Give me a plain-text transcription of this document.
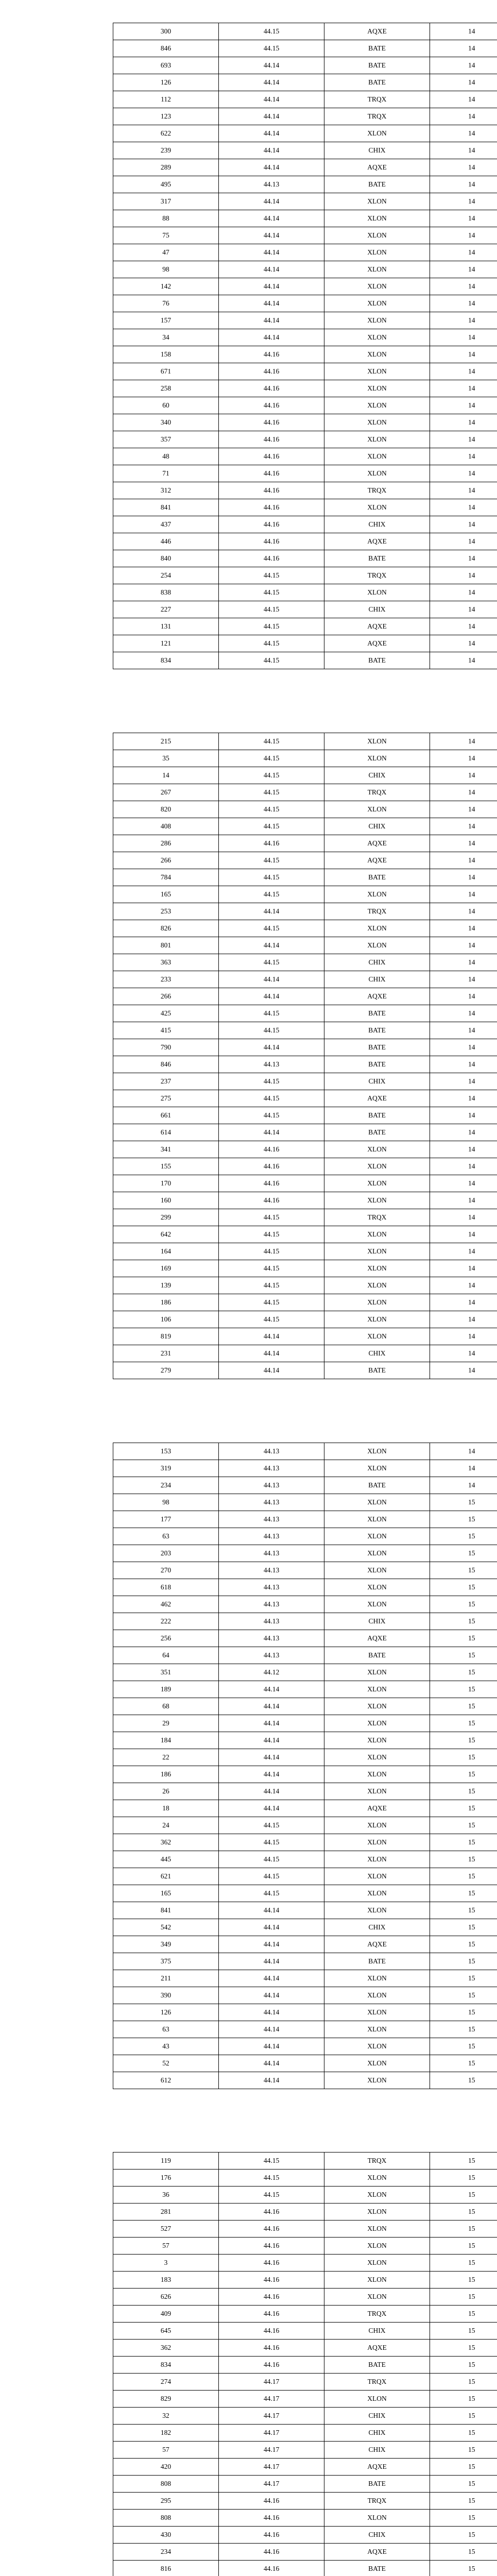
300	44.15	AQXE	14
846	44.15	BATE	14
693	44.14	BATE	14
126	44.14	BATE	14
112	44.14	TRQX	14
123	44.14	TRQX	14
622	44.14	XLON	14
239	44.14	CHIX	14
289	44.14	AQXE	14
495	44.13	BATE	14
317	44.14	XLON	14
88	44.14	XLON	14
75	44.14	XLON	14
47	44.14	XLON	14
98	44.14	XLON	14
142	44.14	XLON	14
76	44.14	XLON	14
157	44.14	XLON	14
34	44.14	XLON	14
158	44.16	XLON	14
671	44.16	XLON	14
258	44.16	XLON	14
60	44.16	XLON	14
340	44.16	XLON	14
357	44.16	XLON	14
48	44.16	XLON	14
71	44.16	XLON	14
312	44.16	TRQX	14
841	44.16	XLON	14
437	44.16	CHIX	14
446	44.16	AQXE	14
840	44.16	BATE	14
254	44.15	TRQX	14
838	44.15	XLON	14
227	44.15	CHIX	14
131	44.15	AQXE	14
121	44.15	AQXE	14
834	44.15	BATE	14
215	44.15	XLON	14
35	44.15	XLON	14
14	44.15	CHIX	14
267	44.15	TRQX	14
820	44.15	XLON	14
408	44.15	CHIX	14
286	44.16	AQXE	14
266	44.15	AQXE	14
784	44.15	BATE	14
165	44.15	XLON	14
253	44.14	TRQX	14
826	44.15	XLON	14
801	44.14	XLON	14
363	44.15	CHIX	14
233	44.14	CHIX	14
266	44.14	AQXE	14
425	44.15	BATE	14
415	44.15	BATE	14
790	44.14	BATE	14
846	44.13	BATE	14
237	44.15	CHIX	14
275	44.15	AQXE	14
661	44.15	BATE	14
614	44.14	BATE	14
341	44.16	XLON	14
155	44.16	XLON	14
170	44.16	XLON	14
160	44.16	XLON	14
299	44.15	TRQX	14
642	44.15	XLON	14
164	44.15	XLON	14
169	44.15	XLON	14
139	44.15	XLON	14
186	44.15	XLON	14
106	44.15	XLON	14
819	44.14	XLON	14
231	44.14	CHIX	14
279	44.14	BATE	14
153	44.13	XLON	14
319	44.13	XLON	14
234	44.13	BATE	14
98	44.13	XLON	15
177	44.13	XLON	15
63	44.13	XLON	15
203	44.13	XLON	15
270	44.13	XLON	15
618	44.13	XLON	15
462	44.13	XLON	15
222	44.13	CHIX	15
256	44.13	AQXE	15
64	44.13	BATE	15
351	44.12	XLON	15
189	44.14	XLON	15
68	44.14	XLON	15
29	44.14	XLON	15
184	44.14	XLON	15
22	44.14	XLON	15
186	44.14	XLON	15
26	44.14	XLON	15
18	44.14	AQXE	15
24	44.15	XLON	15
362	44.15	XLON	15
445	44.15	XLON	15
621	44.15	XLON	15
165	44.15	XLON	15
841	44.14	XLON	15
542	44.14	CHIX	15
349	44.14	AQXE	15
375	44.14	BATE	15
211	44.14	XLON	15
390	44.14	XLON	15
126	44.14	XLON	15
63	44.14	XLON	15
43	44.14	XLON	15
52	44.14	XLON	15
612	44.14	XLON	15
119	44.15	TRQX	15
176	44.15	XLON	15
36	44.15	XLON	15
281	44.16	XLON	15
527	44.16	XLON	15
57	44.16	XLON	15
3	44.16	XLON	15
183	44.16	XLON	15
626	44.16	XLON	15
409	44.16	TRQX	15
645	44.16	CHIX	15
362	44.16	AQXE	15
834	44.16	BATE	15
274	44.17	TRQX	15
829	44.17	XLON	15
32	44.17	CHIX	15
182	44.17	CHIX	15
57	44.17	CHIX	15
420	44.17	AQXE	15
808	44.17	BATE	15
295	44.16	TRQX	15
808	44.16	XLON	15
430	44.16	CHIX	15
234	44.16	AQXE	15
816	44.16	BATE	15
